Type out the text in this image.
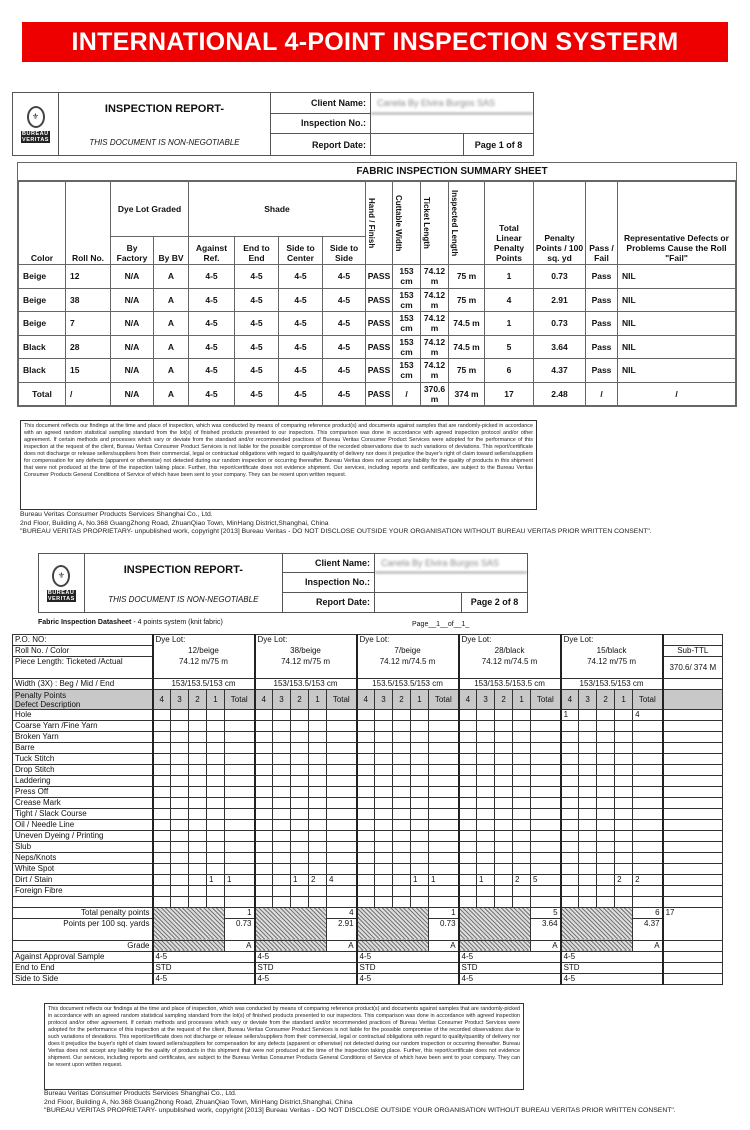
INTERNATIONAL 4-POINT INSPECTION SYSTERM
⚜
BUREAU
VERITAS
INSPECTION REPORT-
THIS DOCUMENT IS NON-NEGOTIABLE
Client Name:	Canela By Elvira Burgos SAS
Inspection No.:
Report Date:	Page 1 of 8
FABRIC INSPECTION SUMMARY SHEET
Color	Roll No.	Dye Lot Graded		Shade				Hand / Finish	Cuttable Width	Ticket Length	Inspected Length	Total Linear Penalty Points	Penalty Points / 100 sq. yd	Pass / Fail	Representative Defects or Problems Cause the Roll "Fail"
		By Factory	By BV	Against Ref.	End to End	Side to Center	Side to Side								
Beige	12	N/A	A	4-5	4-5	4-5	4-5	PASS	153 cm	74.12 m	75 m	1	0.73	Pass	NIL
Beige	38	N/A	A	4-5	4-5	4-5	4-5	PASS	153 cm	74.12 m	75 m	4	2.91	Pass	NIL
Beige	7	N/A	A	4-5	4-5	4-5	4-5	PASS	153 cm	74.12 m	74.5 m	1	0.73	Pass	NIL
Black	28	N/A	A	4-5	4-5	4-5	4-5	PASS	153 cm	74.12 m	74.5 m	5	3.64	Pass	NIL
Black	15	N/A	A	4-5	4-5	4-5	4-5	PASS	153 cm	74.12 m	75 m	6	4.37	Pass	NIL
Total	/	N/A	A	4-5	4-5	4-5	4-5	PASS	/	370.6 m	374 m	17	2.48	/	/
This document reflects our findings at the time and place of inspection, which was conducted by means of comparing reference product(s) and documents against samples that are randomly-picked in accordance with an agreed random statistical sampling standard from the lot(s) of finished products presented to our inspectors. This comparison was done in accordance with agreed inspection protocol and/or other agreement. If certain methods and processes which vary or deviate from the standard and/or recommended practices of Bureau Veritas Consumer Product Services were adopted for the performance of this inspection at the request of the client, Bureau Veritas Consumer Product Services is not liable for the possible compromise of the recorded observations due to such variations of deviations. This report/certificate does not discharge or release sellers/suppliers from their commercial, legal or contractual obligations with regard to quality/quantity of delivery nor does it prejudice the buyer's right of claim toward sellers/suppliers for compensation for any defects (apparent or otherwise) not detected during our random inspection or occurring thereafter. Bureau Veritas does not accept any liability for the quality of products in this shipment that were not produced at the time of the inspection taking place. Further, this report/certificate does not evidence shipment. Our services, including reports and certificates, are subject to the Bureau Veritas Consumer Products General Conditions of Service of which have been sent to your company. They can be resent upon written request.
Bureau Veritas Consumer Products Services Shanghai Co., Ltd.
2nd Floor, Building A, No.368 GuangZhong Road, ZhuanQiao Town, MinHang District,Shanghai, China
"BUREAU VERITAS PROPRIETARY- unpublished work, copyright [2013] Bureau Veritas - DO NOT DISCLOSE OUTSIDE YOUR ORGANISATION WITHOUT BUREAU VERITAS PRIOR WRITTEN CONSENT".
⚜
BUREAU
VERITAS
INSPECTION REPORT-
THIS DOCUMENT IS NON-NEGOTIABLE
Client Name:	Canela By Elvira Burgos SAS
Inspection No.:
Report Date:	Page 2 of 8
Fabric Inspection Datasheet - 4 points system (knit fabric)	Page__1__of__1_
P.O. NO:	Dye Lot:					Dye Lot:					Dye Lot:					Dye Lot:					Dye Lot:					
Roll No. / Color	12/beige					38/beige					7/beige					28/black					15/black					Sub-TTL
Piece Length: Ticketed /Actual	74.12 m/75 m					74.12 m/75 m					74.12 m/74.5 m					74.12 m/74.5 m					74.12 m/75 m					370.6/ 374 M
Width (3X) : Beg / Mid / End	153/153.5/153 cm					153/153.5/153 cm					153.5/153.5/153 cm					153/153.5/153.5 cm					153/153.5/153 cm					
Penalty Points
Defect Description	4	3	2	1	Total	4	3	2	1	Total	4	3	2	1	Total	4	3	2	1	Total	4	3	2	1	Total	
Hole																					1				4	
Coarse Yarn /Fine Yarn																										
Broken Yarn																										
Barre																										
Tuck Stitch																										
Drop Stitch																										
Laddering																										
Press Off																										
Crease Mark																										
Tight / Slack Course																										
Oil / Needle Line																										
Uneven Dyeing / Printing																										
Slub																										
Neps/Knots																										
White Spot																										
Dirt / Stain				1	1			1	2	4				1	1		1		2	5				2	2	
Foreign Fibre																										

Total penalty points					1					4					1					5					6	17
Points per 100 sq. yards					0.73					2.91					0.73					3.64					4.37	
Grade					A					A					A					A					A	
Against Approval Sample	4-5					4-5					4-5					4-5					4-5					
End to End	STD					STD					STD					STD					STD					
Side to Side	4-5					4-5					4-5					4-5					4-5					
This document reflects our findings at the time and place of inspection, which was conducted by means of comparing reference product(s) and documents against samples that are randomly-picked in accordance with an agreed random statistical sampling standard from the lot(s) of finished products presented to our inspectors. This comparison was done in accordance with agreed inspection protocol and/or other agreement. If certain methods and processes which vary or deviate from the standard and/or recommended practices of Bureau Veritas Consumer Product Services were adopted for the performance of this inspection at the request of the client, Bureau Veritas Consumer Product Services is not liable for the possible compromise of the recorded observations due to such variations of deviations. This report/certificate does not discharge or release sellers/suppliers from their commercial, legal or contractual obligations with regard to quality/quantity of delivery nor does it prejudice the buyer's right of claim toward sellers/suppliers for compensation for any defects (apparent or otherwise) not detected during our random inspection or occurring thereafter. Bureau Veritas does not accept any liability for the quality of products in this shipment that were not produced at the time of the inspection taking place. Further, this report/certificate does not evidence shipment. Our services, including reports and certificates, are subject to the Bureau Veritas Consumer Products General Conditions of Service of which have been sent to your company. They can be resent upon written request.
Bureau Veritas Consumer Products Services Shanghai Co., Ltd.
2nd Floor, Building A, No.368 GuangZhong Road, ZhuanQiao Town, MinHang District,Shanghai, China
"BUREAU VERITAS PROPRIETARY- unpublished work, copyright [2013] Bureau Veritas - DO NOT DISCLOSE OUTSIDE YOUR ORGANISATION WITHOUT BUREAU VERITAS PRIOR WRITTEN CONSENT".
